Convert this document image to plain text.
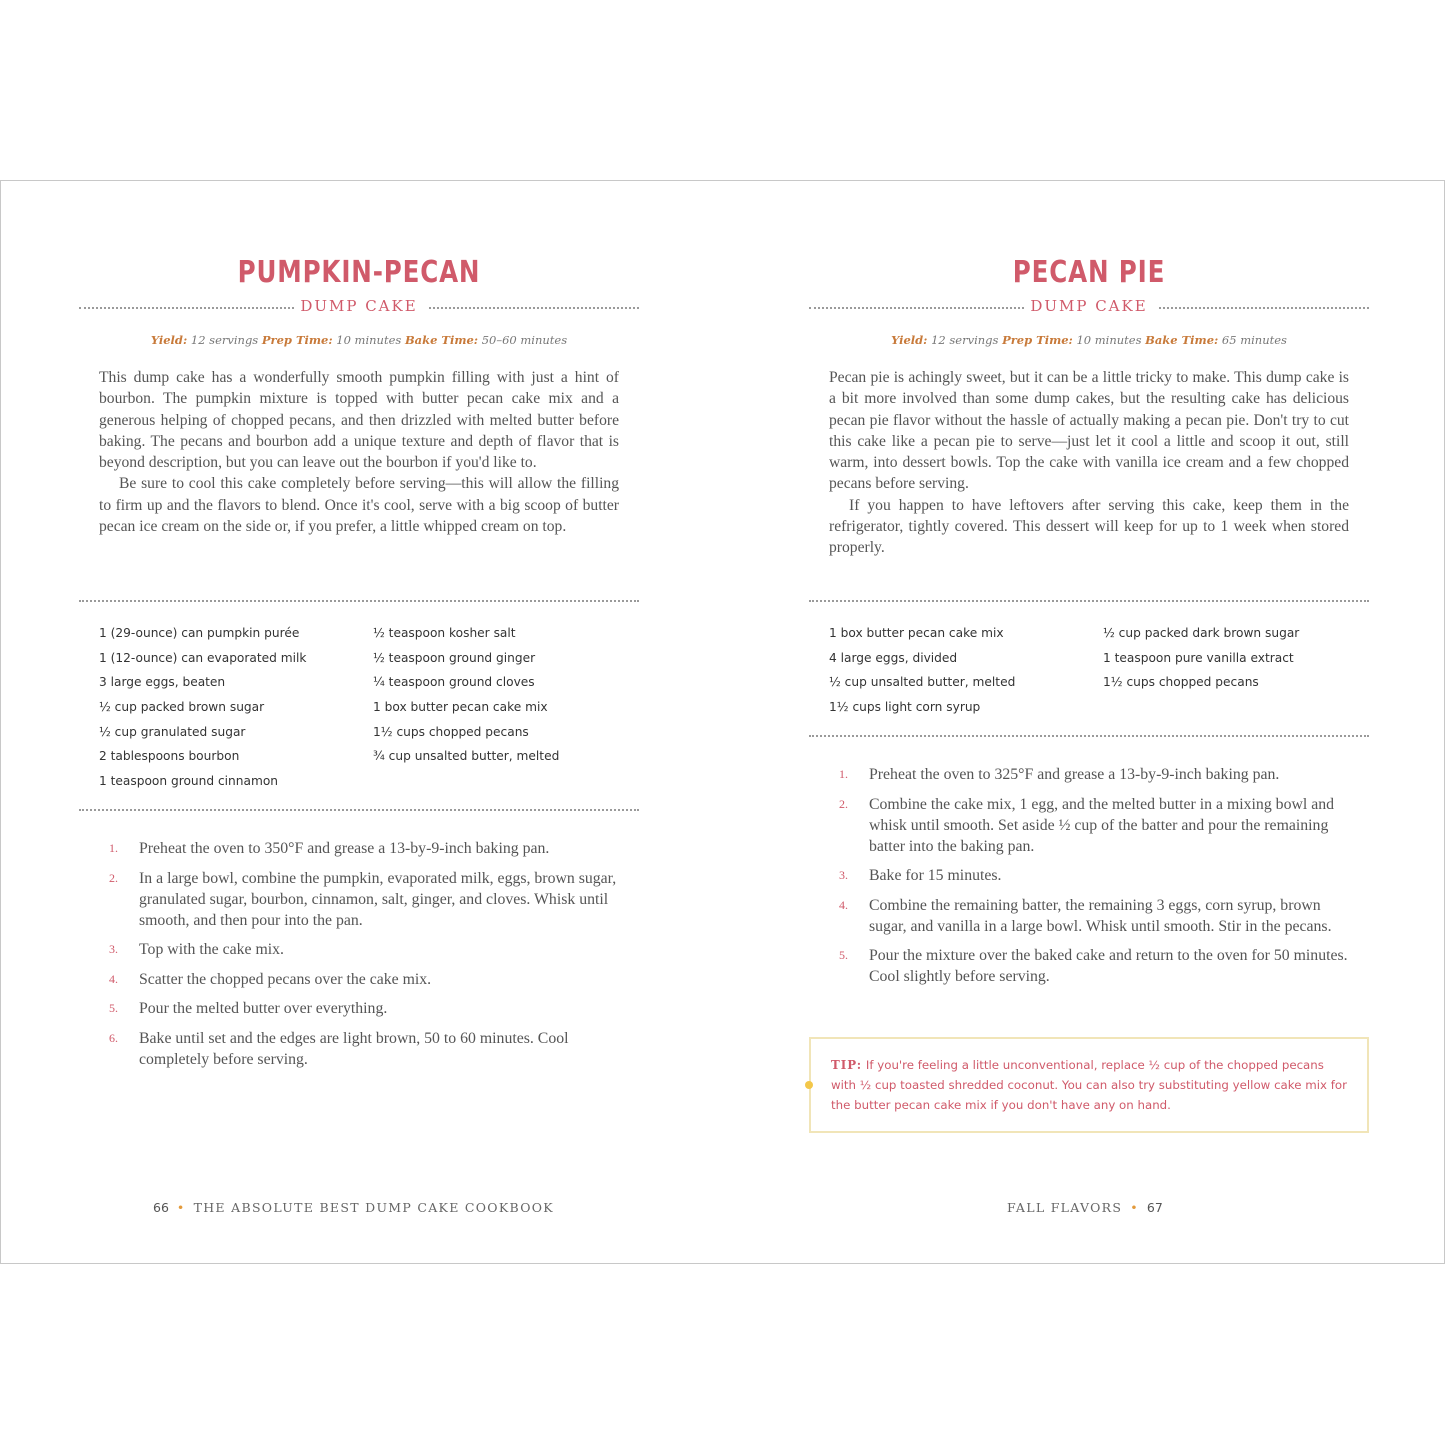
PUMPKIN-PECAN
DUMP CAKE
Yield: 12 servings Prep Time: 10 minutes Bake Time: 50–60 minutes

This dump cake has a wonderfully smooth pumpkin filling with just a hint of bourbon. The pumpkin mixture is topped with butter pecan cake mix and a generous helping of chopped pecans, and then drizzled with melted butter before baking. The pecans and bourbon add a unique texture and depth of flavor that is beyond description, but you can leave out the bourbon if you'd like to.

Be sure to cool this cake completely before serving—this will allow the filling to firm up and the flavors to blend. Once it's cool, serve with a big scoop of butter pecan ice cream on the side or, if you prefer, a little whipped cream on top.

1 (29-ounce) can pumpkin purée
1 (12-ounce) can evaporated milk
3 large eggs, beaten
½ cup packed brown sugar
½ cup granulated sugar
2 tablespoons bourbon
1 teaspoon ground cinnamon
½ teaspoon kosher salt
½ teaspoon ground ginger
¼ teaspoon ground cloves
1 box butter pecan cake mix
1½ cups chopped pecans
¾ cup unsalted butter, melted
1. Preheat the oven to 350°F and grease a 13-by-9-inch baking pan.
2. In a large bowl, combine the pumpkin, evaporated milk, eggs, brown sugar, granulated sugar, bourbon, cinnamon, salt, ginger, and cloves. Whisk until smooth, and then pour into the pan.
3. Top with the cake mix.
4. Scatter the chopped pecans over the cake mix.
5. Pour the melted butter over everything.
6. Bake until set and the edges are light brown, 50 to 60 minutes. Cool completely before serving.
66 • THE ABSOLUTE BEST DUMP CAKE COOKBOOK
PECAN PIE
DUMP CAKE
Yield: 12 servings Prep Time: 10 minutes Bake Time: 65 minutes

Pecan pie is achingly sweet, but it can be a little tricky to make. This dump cake is a bit more involved than some dump cakes, but the resulting cake has delicious pecan pie flavor without the hassle of actually making a pecan pie. Don't try to cut this cake like a pecan pie to serve—just let it cool a little and scoop it out, still warm, into dessert bowls. Top the cake with vanilla ice cream and a few chopped pecans before serving.

If you happen to have leftovers after serving this cake, keep them in the refrigerator, tightly covered. This dessert will keep for up to 1 week when stored properly.

1 box butter pecan cake mix
4 large eggs, divided
½ cup unsalted butter, melted
1½ cups light corn syrup
½ cup packed dark brown sugar
1 teaspoon pure vanilla extract
1½ cups chopped pecans
1. Preheat the oven to 325°F and grease a 13-by-9-inch baking pan.
2. Combine the cake mix, 1 egg, and the melted butter in a mixing bowl and whisk until smooth. Set aside ½ cup of the batter and pour the remaining batter into the baking pan.
3. Bake for 15 minutes.
4. Combine the remaining batter, the remaining 3 eggs, corn syrup, brown sugar, and vanilla in a large bowl. Whisk until smooth. Stir in the pecans.
5. Pour the mixture over the baked cake and return to the oven for 50 minutes. Cool slightly before serving.
TIP: If you're feeling a little unconventional, replace ½ cup of the chopped pecans with ½ cup toasted shredded coconut. You can also try substituting yellow cake mix for the butter pecan cake mix if you don't have any on hand.
FALL FLAVORS • 67
